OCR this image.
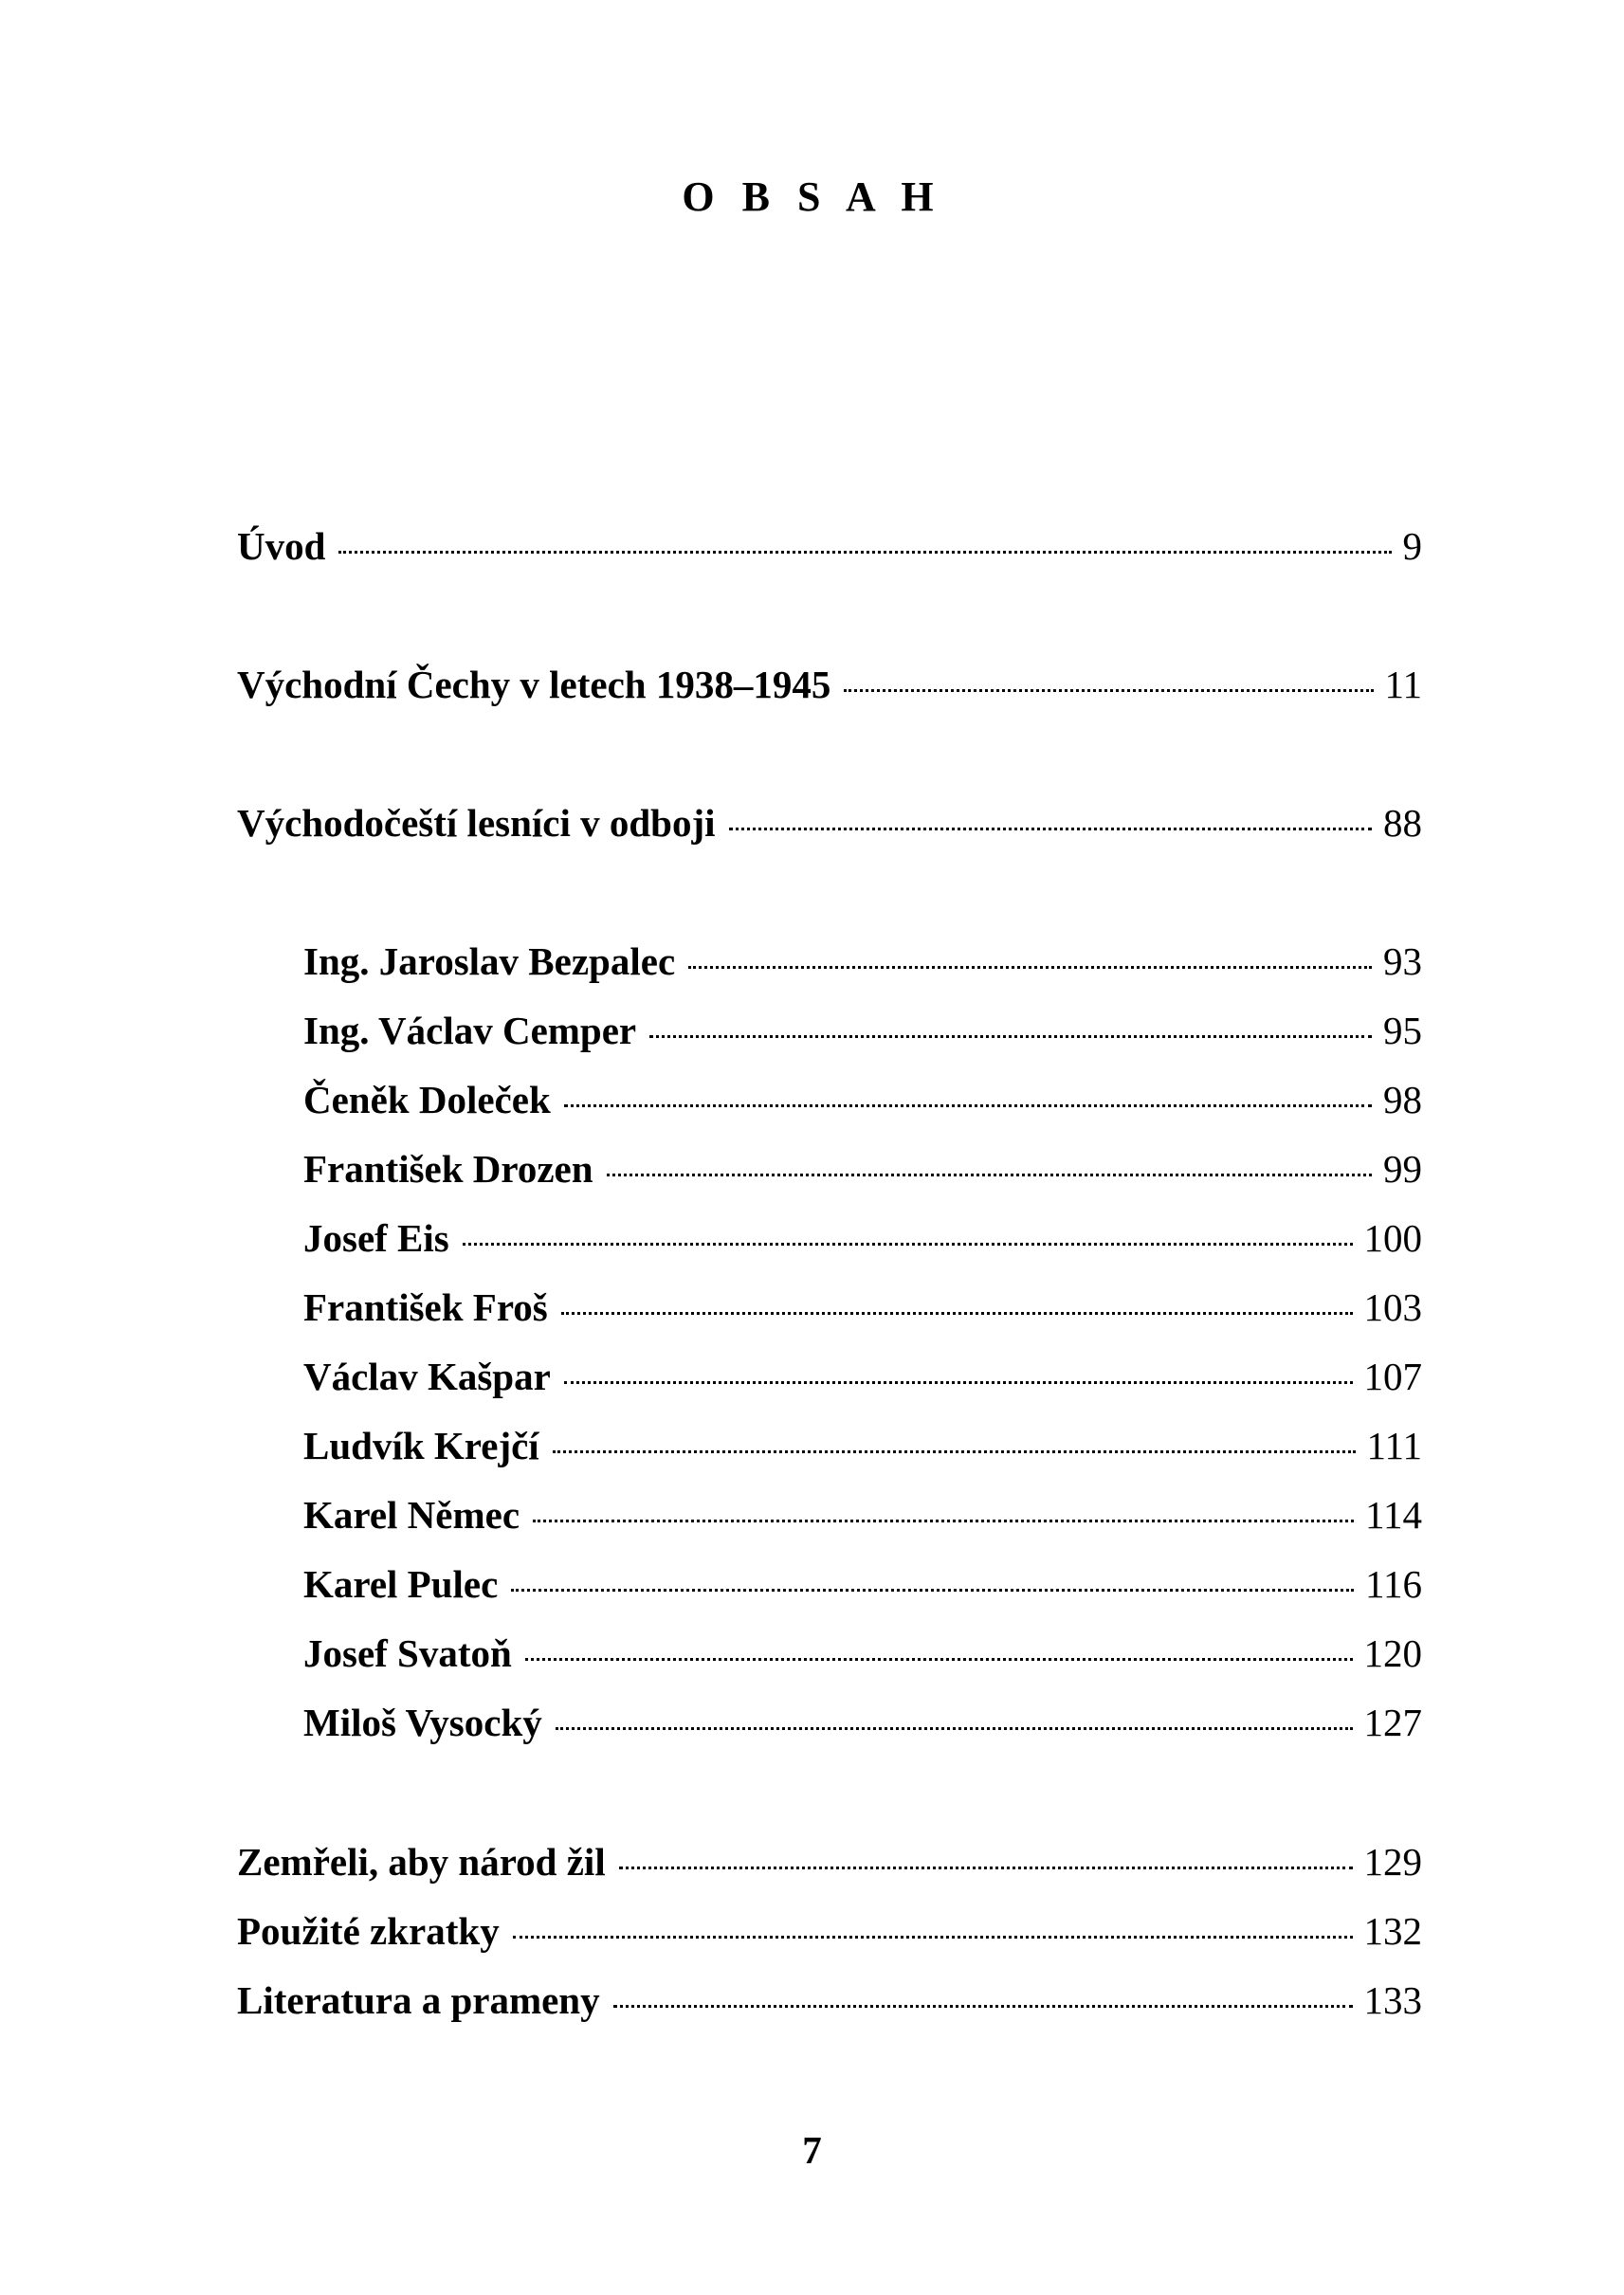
O B S A H
Úvod	9
Východní Čechy v letech 1938–1945	11
Východočeští lesníci v odboji	88
Ing. Jaroslav Bezpalec	93
Ing. Václav Cemper	95
Čeněk Doleček	98
František Drozen	99
Josef Eis	100
František Froš	103
Václav Kašpar	107
Ludvík Krejčí	111
Karel Němec	114
Karel Pulec	116
Josef Svatoň	120
Miloš Vysocký	127
Zemřeli, aby národ žil	129
Použité zkratky	132
Literatura a prameny	133
7
